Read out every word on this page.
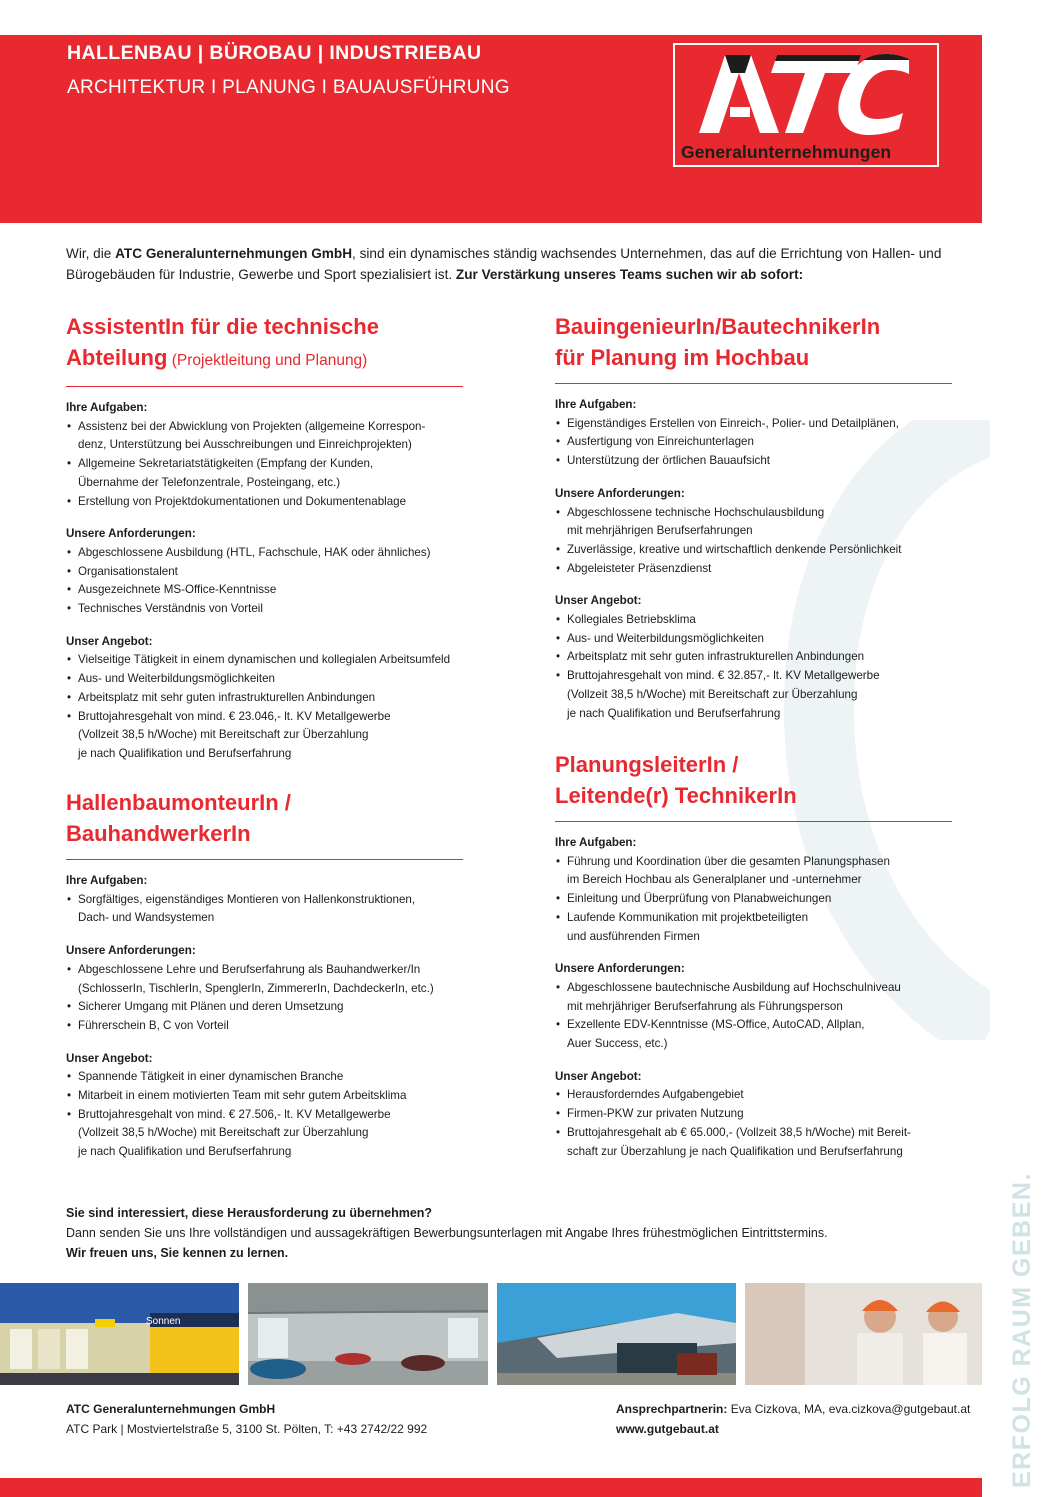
HALLENBAU | BÜROBAU | INDUSTRIEBAU
ARCHITEKTUR I PLANUNG I BAUAUSFÜHRUNG
Generalunternehmungen
Wir, die ATC Generalunternehmungen GmbH, sind ein dynamisches ständig wachsendes Unternehmen, das auf die Errichtung von Hallen- und Bürogebäuden für Industrie, Gewerbe und Sport spezialisiert ist. Zur Verstärkung unseres Teams suchen wir ab sofort:
AssistentIn für die technische
Abteilung (Projektleitung und Planung)
Ihre Aufgaben:
• Assistenz bei der Abwicklung von Projekten (allgemeine Korrespon-
denz, Unterstützung bei Ausschreibungen und Einreichprojekten)
• Allgemeine Sekretariatstätigkeiten (Empfang der Kunden,
Übernahme der Telefonzentrale, Posteingang, etc.)
• Erstellung von Projektdokumentationen und Dokumentenablage
Unsere Anforderungen:
• Abgeschlossene Ausbildung (HTL, Fachschule, HAK oder ähnliches)
• Organisationstalent
• Ausgezeichnete MS-Office-Kenntnisse
• Technisches Verständnis von Vorteil
Unser Angebot:
• Vielseitige Tätigkeit in einem dynamischen und kollegialen Arbeitsumfeld
• Aus- und Weiterbildungsmöglichkeiten
• Arbeitsplatz mit sehr guten infrastrukturellen Anbindungen
• Bruttojahresgehalt von mind. € 23.046,- lt. KV Metallgewerbe
(Vollzeit 38,5 h/Woche) mit Bereitschaft zur Überzahlung
je nach Qualifikation und Berufserfahrung
HallenbaumonteurIn /
BauhandwerkerIn
Ihre Aufgaben:
• Sorgfältiges, eigenständiges Montieren von Hallenkonstruktionen,
Dach- und Wandsystemen
Unsere Anforderungen:
• Abgeschlossene Lehre und Berufserfahrung als Bauhandwerker/In
(SchlosserIn, TischlerIn, SpenglerIn, ZimmererIn, DachdeckerIn, etc.)
• Sicherer Umgang mit Plänen und deren Umsetzung
• Führerschein B, C von Vorteil
Unser Angebot:
• Spannende Tätigkeit in einer dynamischen Branche
• Mitarbeit in einem motivierten Team mit sehr gutem Arbeitsklima
• Bruttojahresgehalt von mind. € 27.506,- lt. KV Metallgewerbe
(Vollzeit 38,5 h/Woche) mit Bereitschaft zur Überzahlung
je nach Qualifikation und Berufserfahrung
BauingenieurIn/BautechnikerIn
für Planung im Hochbau
Ihre Aufgaben:
• Eigenständiges Erstellen von Einreich-, Polier- und Detailplänen,
• Ausfertigung von Einreichunterlagen
• Unterstützung der örtlichen Bauaufsicht
Unsere Anforderungen:
• Abgeschlossene technische Hochschulausbildung
mit mehrjährigen Berufserfahrungen
• Zuverlässige, kreative und wirtschaftlich denkende Persönlichkeit
• Abgeleisteter Präsenzdienst
Unser Angebot:
• Kollegiales Betriebsklima
• Aus- und Weiterbildungsmöglichkeiten
• Arbeitsplatz mit sehr guten infrastrukturellen Anbindungen
• Bruttojahresgehalt von mind. € 32.857,- lt. KV Metallgewerbe
(Vollzeit 38,5 h/Woche) mit Bereitschaft zur Überzahlung
je nach Qualifikation und Berufserfahrung
PlanungsleiterIn /
Leitende(r) TechnikerIn
Ihre Aufgaben:
• Führung und Koordination über die gesamten Planungsphasen
im Bereich Hochbau als Generalplaner und -unternehmer
• Einleitung und Überprüfung von Planabweichungen
• Laufende Kommunikation mit projektbeteiligten
und ausführenden Firmen
Unsere Anforderungen:
• Abgeschlossene bautechnische Ausbildung auf Hochschulniveau
mit mehrjähriger Berufserfahrung als Führungsperson
• Exzellente EDV-Kenntnisse (MS-Office, AutoCAD, Allplan,
Auer Success, etc.)
Unser Angebot:
• Herausforderndes Aufgabengebiet
• Firmen-PKW zur privaten Nutzung
• Bruttojahresgehalt ab € 65.000,- (Vollzeit 38,5 h/Woche) mit Bereit-
schaft zur Überzahlung je nach Qualifikation und Berufserfahrung
Sie sind interessiert, diese Herausforderung zu übernehmen?
Dann senden Sie uns Ihre vollständigen und aussagekräftigen Bewerbungsunterlagen mit Angabe Ihres frühestmöglichen Eintrittstermins.
Wir freuen uns, Sie kennen zu lernen.
Sonnen	ERFOLG RAUM GEBEN.
ATC Generalunternehmungen GmbH
ATC Park | Mostviertelstraße 5, 3100 St. Pölten, T: +43 2742/22 992
Ansprechpartnerin: Eva Cizkova, MA, eva.cizkova@gutgebaut.at
www.gutgebaut.at
